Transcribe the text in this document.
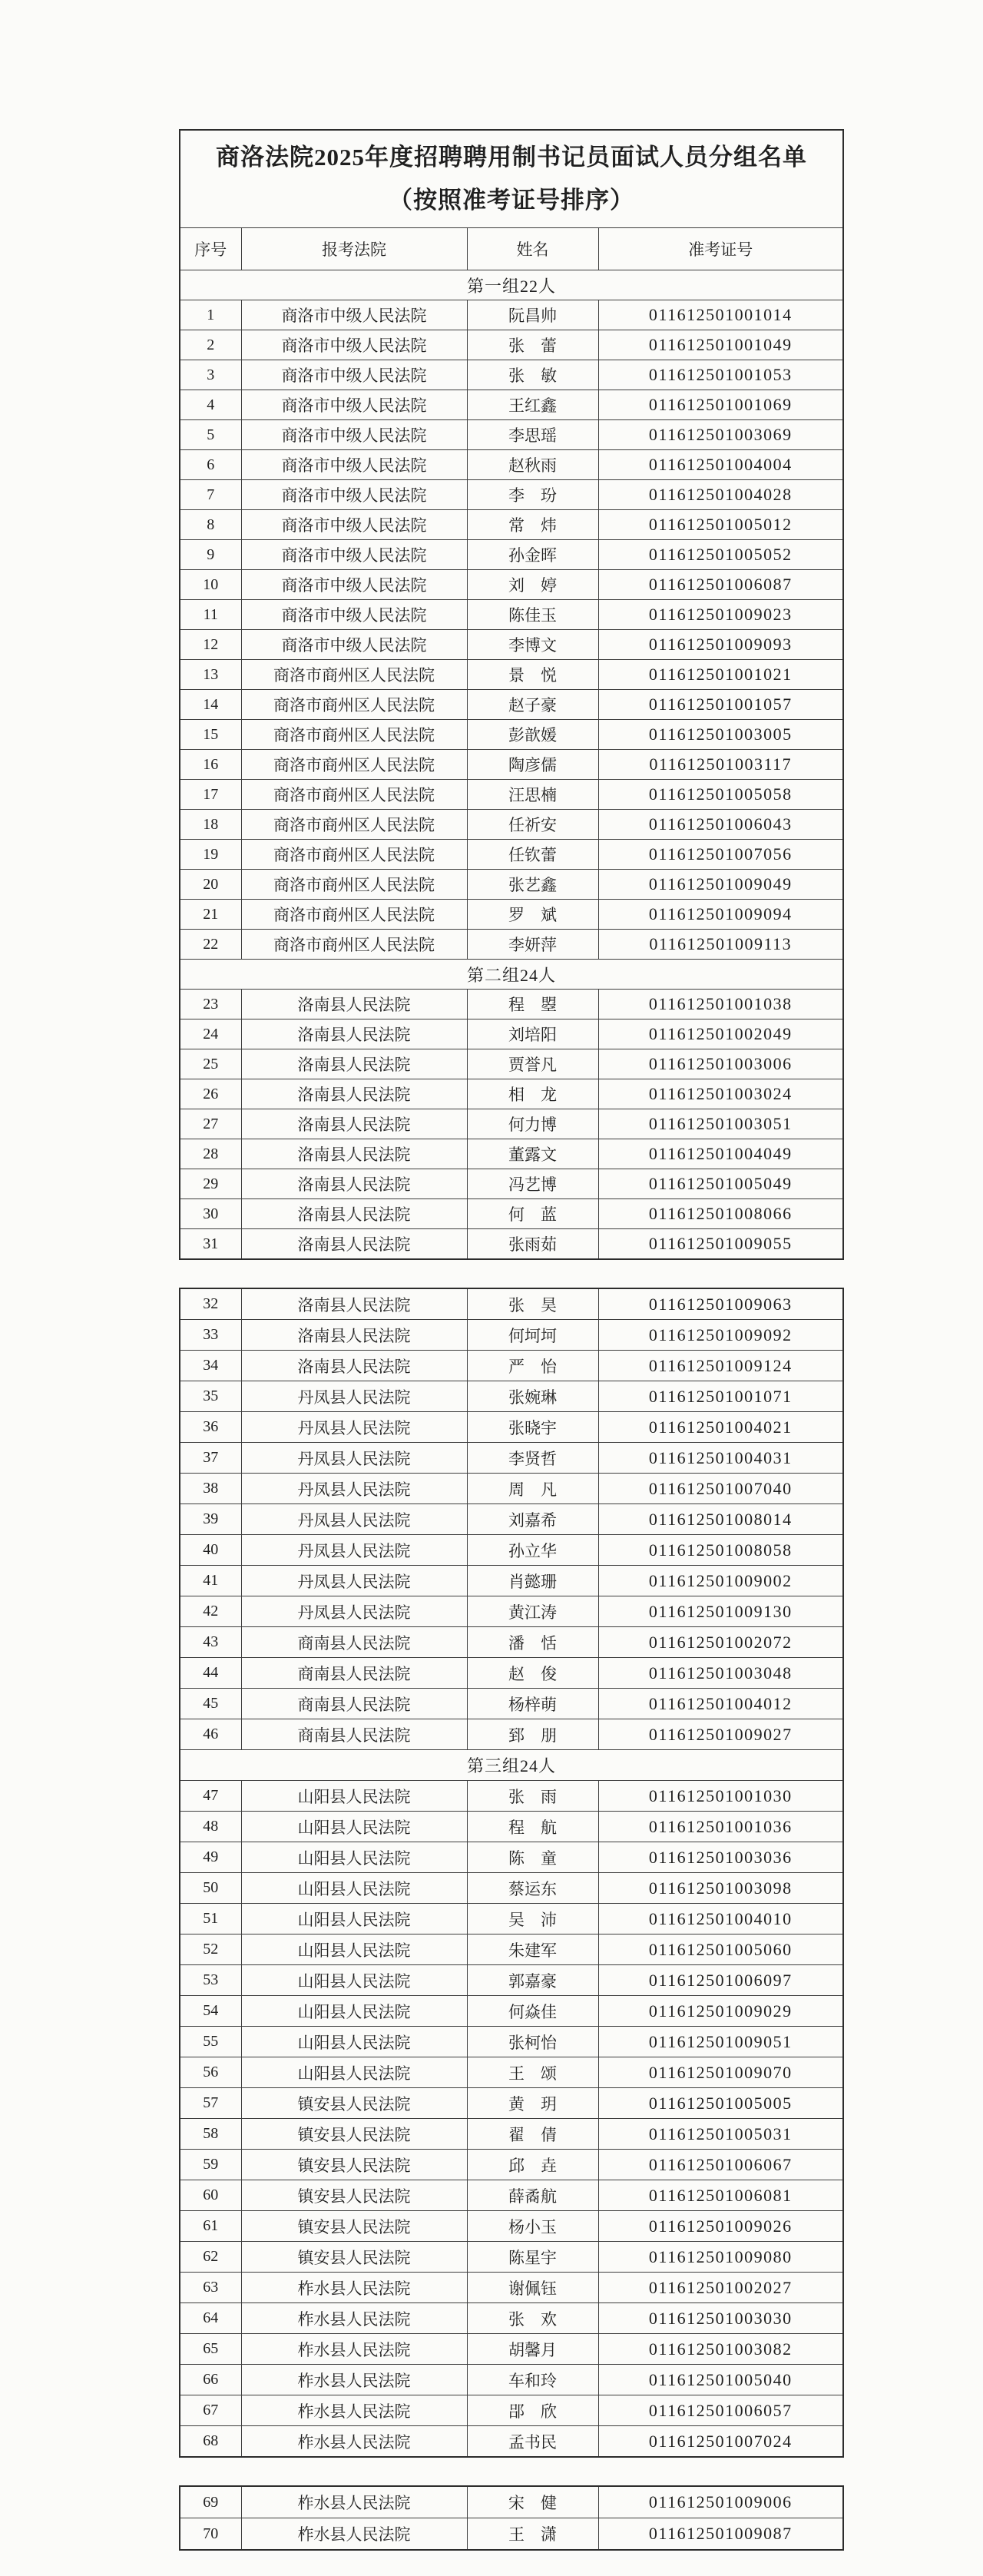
商洛法院2025年度招聘聘用制书记员面试人员分组名单
（按照准考证号排序）			

序号	报考法院	姓名	准考证号
第一组22人			
1	商洛市中级人民法院	阮昌帅	011612501001014
2	商洛市中级人民法院	张　蕾	011612501001049
3	商洛市中级人民法院	张　敏	011612501001053
4	商洛市中级人民法院	王红鑫	011612501001069
5	商洛市中级人民法院	李思瑶	011612501003069
6	商洛市中级人民法院	赵秋雨	011612501004004
7	商洛市中级人民法院	李　玢	011612501004028
8	商洛市中级人民法院	常　炜	011612501005012
9	商洛市中级人民法院	孙金晖	011612501005052
10	商洛市中级人民法院	刘　婷	011612501006087
11	商洛市中级人民法院	陈佳玉	011612501009023
12	商洛市中级人民法院	李博文	011612501009093
13	商洛市商州区人民法院	景　悦	011612501001021
14	商洛市商州区人民法院	赵子豪	011612501001057
15	商洛市商州区人民法院	彭歆媛	011612501003005
16	商洛市商州区人民法院	陶彦儒	011612501003117
17	商洛市商州区人民法院	汪思楠	011612501005058
18	商洛市商州区人民法院	任祈安	011612501006043
19	商洛市商州区人民法院	任钦蕾	011612501007056
20	商洛市商州区人民法院	张艺鑫	011612501009049
21	商洛市商州区人民法院	罗　斌	011612501009094
22	商洛市商州区人民法院	李妍萍	011612501009113
第二组24人			
23	洛南县人民法院	程　曌	011612501001038
24	洛南县人民法院	刘培阳	011612501002049
25	洛南县人民法院	贾誉凡	011612501003006
26	洛南县人民法院	相　龙	011612501003024
27	洛南县人民法院	何力博	011612501003051
28	洛南县人民法院	董露文	011612501004049
29	洛南县人民法院	冯艺博	011612501005049
30	洛南县人民法院	何　蓝	011612501008066
31	洛南县人民法院	张雨茹	011612501009055
32	洛南县人民法院	张　昊	011612501009063
33	洛南县人民法院	何坷坷	011612501009092
34	洛南县人民法院	严　怡	011612501009124
35	丹凤县人民法院	张婉琳	011612501001071
36	丹凤县人民法院	张晓宇	011612501004021
37	丹凤县人民法院	李贤哲	011612501004031
38	丹凤县人民法院	周　凡	011612501007040
39	丹凤县人民法院	刘嘉希	011612501008014
40	丹凤县人民法院	孙立华	011612501008058
41	丹凤县人民法院	肖懿珊	011612501009002
42	丹凤县人民法院	黄江涛	011612501009130
43	商南县人民法院	潘　恬	011612501002072
44	商南县人民法院	赵　俊	011612501003048
45	商南县人民法院	杨梓萌	011612501004012
46	商南县人民法院	郅　朋	011612501009027
第三组24人			
47	山阳县人民法院	张　雨	011612501001030
48	山阳县人民法院	程　航	011612501001036
49	山阳县人民法院	陈　童	011612501003036
50	山阳县人民法院	蔡运东	011612501003098
51	山阳县人民法院	吴　沛	011612501004010
52	山阳县人民法院	朱建军	011612501005060
53	山阳县人民法院	郭嘉豪	011612501006097
54	山阳县人民法院	何焱佳	011612501009029
55	山阳县人民法院	张柯怡	011612501009051
56	山阳县人民法院	王　颂	011612501009070
57	镇安县人民法院	黄　玥	011612501005005
58	镇安县人民法院	翟　倩	011612501005031
59	镇安县人民法院	邱　垚	011612501006067
60	镇安县人民法院	薛矞航	011612501006081
61	镇安县人民法院	杨小玉	011612501009026
62	镇安县人民法院	陈星宇	011612501009080
63	柞水县人民法院	谢佩钰	011612501002027
64	柞水县人民法院	张　欢	011612501003030
65	柞水县人民法院	胡馨月	011612501003082
66	柞水县人民法院	车和玲	011612501005040
67	柞水县人民法院	郘　欣	011612501006057
68	柞水县人民法院	孟书民	011612501007024
69	柞水县人民法院	宋　健	011612501009006
70	柞水县人民法院	王　潇	011612501009087
